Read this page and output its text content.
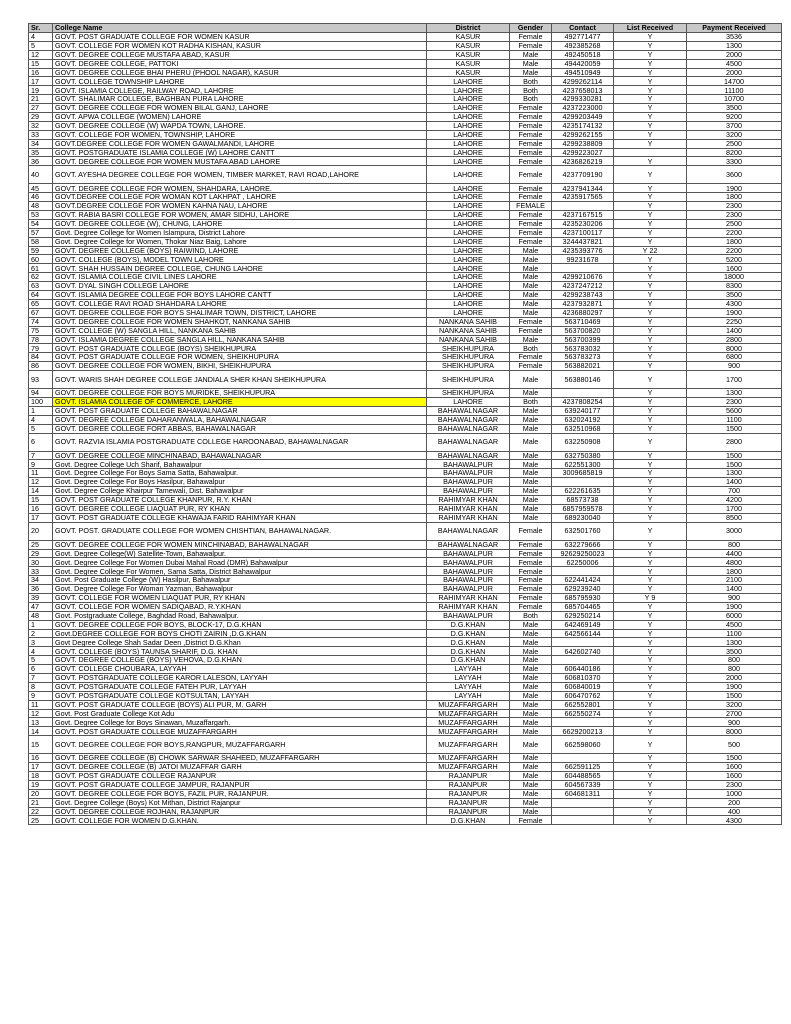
Sr.	College Name	District	Gender	Contact	List Received	Payment Received
4	GOVT. POST GRADUATE COLLEGE FOR WOMEN KASUR	KASUR	Female	492771477	Y	3536
5	GOVT. COLLEGE FOR WOMEN KOT RADHA KISHAN, KASUR	KASUR	Female	492385268	Y	1300
12	GOVT. DEGREE COLLEGE MUSTAFA ABAD, KASUR	KASUR	Male	492450518	Y	2000
15	GOVT. DEGREE COLLEGE, PATTOKI	KASUR	Male	494420059	Y	4500
16	GOVT. DEGREE COLLEGE BHAI PHERU (PHOOL NAGAR), KASUR	KASUR	Male	494510949	Y	2000
17	GOVT. COLLEGE TOWNSHIP LAHORE	LAHORE	Both	4299262114	Y	14700
19	GOVT. ISLAMIA COLLEGE, RAILWAY ROAD, LAHORE	LAHORE	Both	4237658013	Y	11100
21	GOVT. SHALIMAR COLLEGE, BAGHBAN PURA LAHORE	LAHORE	Both	4299330281	Y	10700
27	GOVT. DEGREE COLLEGE FOR WOMEN BILAL GANJ, LAHORE	LAHORE	Female	4237223000	Y	3500
29	GOVT. APWA COLLEGE (WOMEN) LAHORE	LAHORE	Female	4299203449	Y	9200
32	GOVT. DEGREE COLLEGE (W) WAPDA TOWN, LAHORE.	LAHORE	Female	4235174132	Y	3700
33	GOVT. COLLEGE FOR WOMEN, TOWNSHIP, LAHORE	LAHORE	Female	4299262155	Y	3200
34	GOVT.DEGREE COLLEGE FOR WOMEN GAWALMANDI, LAHORE	LAHORE	Female	4299238809	Y	2500
35	GOVT. POSTGRADUATE ISLAMIA COLLEGE (W) LAHORE CANTT	LAHORE	Female	4299223027		8200
36	GOVT. DEGREE COLLEGE FOR WOMEN MUSTAFA ABAD LAHORE	LAHORE	Female	4236826219	Y	3300
40	GOVT. AYESHA DEGREE COLLEGE FOR WOMEN, TIMBER MARKET, RAVI ROAD,LAHORE	LAHORE	Female	4237709190	Y	3600
45	GOVT. DEGREE COLLEGE FOR WOMEN, SHAHDARA, LAHORE.	LAHORE	Female	4237941344	Y	1900
46	GOVT.DEGREE COLLEGE FOR WOMAN KOT LAKHPAT , LAHORE	LAHORE	Female	4235917565	Y	1800
48	GOVT.DEGREE COLLEGE FOR WOMEN KAHNA NAU, LAHORE	LAHORE	FEMALE		Y	2300
53	GOVT. RABIA BASRI COLLEGE FOR WOMEN, AMAR SIDHU, LAHORE	LAHORE	Female	4237167515	Y	2300
54	GOVT. DEGREE COLLEGE (W), CHUNG, LAHORE	LAHORE	Female	4235230206	Y	2500
57	Govt. Degree College for Women Islampura, District Lahore	LAHORE	Female	4237100117	Y	2200
58	Govt. Degree College for Women, Thokar Niaz Baig, Lahore	LAHORE	Female	3244437821	Y	1800
59	GOVT. DEGREE COLLEGE (BOYS) RAIWIND, LAHORE	LAHORE	Male	4235393776	Y 22	2200
60	GOVT. COLLEGE (BOYS), MODEL TOWN LAHORE	LAHORE	Male	99231678	Y	5200
61	GOVT. SHAH HUSSAIN DEGREE COLLEGE, CHUNG LAHORE	LAHORE	Male		Y	1600
62	GOVT. ISLAMIA COLLEGE CIVIL LINES LAHORE	LAHORE	Male	4299210676	Y	18000
63	GOVT. DYAL SINGH COLLEGE LAHORE	LAHORE	Male	4237247212	Y	8300
64	GOVT. ISLAMIA DEGREE COLLEGE FOR BOYS LAHORE CANTT	LAHORE	Male	4299238743	Y	3500
65	GOVT. COLLEGE RAVI ROAD SHAHDARA LAHORE	LAHORE	Male	4237932871	Y	4300
67	GOVT. DEGREE COLLEGE FOR BOYS SHALIMAR TOWN, DISTRICT, LAHORE	LAHORE	Male	4236880297	Y	1900
74	GOVT. DEGREE COLLEGE FOR WOMEN SHAHKOT, NANKANA SAHIB	NANKANA SAHIB	Female	563710469	Y	2250
75	GOVT. COLLEGE (W) SANGLA HILL, NANKANA SAHIB	NANKANA SAHIB	Female	563700820	Y	1400
78	GOVT. ISLAMIA DEGREE COLLEGE SANGLA HILL, NANKANA SAHIB	NANKANA SAHIB	Male	563700399	Y	2800
79	GOVT. POST GRADUATE COLLEGE (BOYS) SHEIKHUPURA	SHEIKHUPURA	Both	563783032	Y	8000
84	GOVT. POST GRADUATE COLLEGE FOR WOMEN, SHEIKHUPURA	SHEIKHUPURA	Female	563783273	Y	6800
86	GOVT. DEGREE COLLEGE FOR WOMEN, BIKHI, SHEIKHUPURA	SHEIKHUPURA	Female	563882021	Y	900
93	GOVT. WARIS SHAH DEGREE COLLEGE JANDIALA SHER KHAN SHEIKHUPURA	SHEIKHUPURA	Male	563880146	Y	1700
94	GOVT. DEGREE COLLEGE FOR BOYS MURIDKE, SHEIKHUPURA	SHEIKHUPURA	Male		Y	1300
100	GOVT. ISLAMIA COLLEGE OF COMMERCE, LAHORE	LAHORE	Both	4237808254	Y	2300
1	GOVT. POST GRADUATE COLLEGE BAHAWALNAGAR	BAHAWALNAGAR	Male	639240177	Y	5600
4	GOVT. DEGREE COLLEGE DAHARANWALA, BAHAWALNAGAR	BAHAWALNAGAR	Male	632024192	Y	1100
5	GOVT. DEGREE COLLEGE FORT ABBAS, BAHAWALNAGAR	BAHAWALNAGAR	Male	632510968	Y	1500
6	GOVT. RAZVIA ISLAMIA POSTGRADUATE COLLEGE HAROONABAD, BAHAWALNAGAR	BAHAWALNAGAR	Male	632250908	Y	2800
7	GOVT. DEGREE COLLEGE MINCHINABAD, BAHAWALNAGAR	BAHAWALNAGAR	Male	632750380	Y	1500
9	Govt. Degree College Uch Sharif, Bahawalpur	BAHAWALPUR	Male	622551300	Y	1500
11	Govt. Degree College For Boys Sama Satta, Bahawalpur.	BAHAWALPUR	Male	3009685819	Y	1300
12	Govt. Degree College For Boys Hasilpur, Bahawalpur	BAHAWALPUR	Male		Y	1400
14	Govt. Degree College Khairpur Tamewali, Dist. Bahawalpur	BAHAWALPUR	Male	622261635	Y	700
15	GOVT. POST GRADUATE COLLEGE KHANPUR, R.Y. KHAN	RAHIMYAR KHAN	Male	68573738	Y	4200
16	GOVT. DEGREE COLLEGE LIAQUAT PUR, RY KHAN	RAHIMYAR KHAN	Male	6857959578	Y	1700
17	GOVT. POST GRADUATE COLLEGE KHAWAJA FARID RAHIMYAR KHAN	RAHIMYAR KHAN	Male	689230040	Y	8500
20	GOVT. POST. GRADUATE COLLEGE FOR WOMEN CHISHTIAN, BAHAWALNAGAR.	BAHAWALNAGAR	Female	632501760	Y	3000
25	GOVT. DEGREE COLLEGE FOR WOMEN MINCHINABAD, BAHAWALNAGAR	BAHAWALNAGAR	Female	632279666	Y	800
29	Govt. Degree College(W) Satellite-Town, Bahawalpur.	BAHAWALPUR	Female	92629250023	Y	4400
30	Govt. Degree College For Women Dubai Mahal Road (DMR) Bahawalpur	BAHAWALPUR	Female	62250006	Y	4800
33	Govt. Degree College For Women, Sama Satta, District Bahawalpur	BAHAWALPUR	Female		Y	1800
34	Govt. Post Graduate College (W) Hasilpur, Bahawalpur	BAHAWALPUR	Female	622441424	Y	2100
36	Govt. Degree College For Woman Yazman, Bahawalpur	BAHAWALPUR	Female	629239240	Y	1400
39	GOVT. COLLEGE FOR WOMEN LIAQUAT PUR, RY KHAN	RAHIMYAR KHAN	Female	685795930	Y 9	900
47	GOVT. COLLEGE FOR WOMEN SADIQABAD, R.Y.KHAN	RAHIMYAR KHAN	Female	685704465	Y	1900
48	Govt. Postgraduate College, Baghdad Road, Bahawalpur.	BAHAWALPUR	Both	629250214	Y	6000
1	GOVT. DEGREE COLLEGE FOR BOYS, BLOCK-17, D.G.KHAN	D.G.KHAN	Male	642469149	Y	4500
2	Govt.DEGREE COLLEGE FOR BOYS CHOTI ZAIRIN ,D.G.KHAN	D.G.KHAN	Male	642566144	Y	1100
3	Govt Degree College Shah Sadar Deen ,District D.G.Khan	D.G.KHAN	Male		Y	1300
4	GOVT. COLLEGE (BOYS) TAUNSA SHARIF, D.G. KHAN	D.G.KHAN	Male	642602740	Y	3500
5	GOVT. DEGREE COLLEGE (BOYS) VEHOVA, D.G.KHAN	D.G.KHAN	Male		Y	800
6	GOVT. COLLEGE CHOUBARA, LAYYAH	LAYYAH	Male	606440186	Y	800
7	GOVT. POSTGRADUATE COLLEGE KAROR LALESON, LAYYAH	LAYYAH	Male	606810370	Y	2000
8	GOVT. POSTGRADUATE COLLEGE FATEH PUR, LAYYAH	LAYYAH	Male	606840019	Y	1900
9	GOVT. POSTGRADUATE COLLEGE KOTSULTAN, LAYYAH	LAYYAH	Male	606470762	Y	1500
11	GOVT. POST GRADUATE COLLEGE (BOYS) ALI PUR, M. GARH	MUZAFFARGARH	Male	662552801	Y	3200
12	Govt. Post Graduate College Kot Adu	MUZAFFARGARH	Male	662550274	Y	2700
13	Govt. Degree College for Boys Sinawan, Muzaffargarh.	MUZAFFARGARH	Male		Y	900
14	GOVT. POST GRADUATE COLLEGE MUZAFFARGARH	MUZAFFARGARH	Male	6629200213	Y	8000
15	GOVT. DEGREE COLLEGE FOR BOYS,RANGPUR, MUZAFFARGARH	MUZAFFARGARH	Male	662598060	Y	500
16	GOVT. DEGREE COLLEGE (B) CHOWK SARWAR SHAHEED, MUZAFFARGARH	MUZAFFARGARH	Male		Y	1500
17	GOVT. DEGREE COLLEGE (B) JATOI MUZAFFAR GARH	MUZAFFARGARH	Male	662591125	Y	1600
18	GOVT. POST GRADUATE COLLEGE RAJANPUR	RAJANPUR	Male	604488565	Y	1600
19	GOVT. POST GRADUATE COLLEGE JAMPUR, RAJANPUR	RAJANPUR	Male	604567339	Y	2300
20	GOVT. DEGREE COLLEGE FOR BOYS, FAZIL PUR, RAJANPUR.	RAJANPUR	Male	604681311	Y	1000
21	Govt. Degree College (Boys) Kot Mithan, District Rajanpur	RAJANPUR	Male		Y	200
22	GOVT. DEGREE COLLEGE ROJHAN, RAJANPUR	RAJANPUR	Male		Y	400
25	GOVT. COLLEGE FOR WOMEN D.G.KHAN.	D.G.KHAN	Female		Y	4300
